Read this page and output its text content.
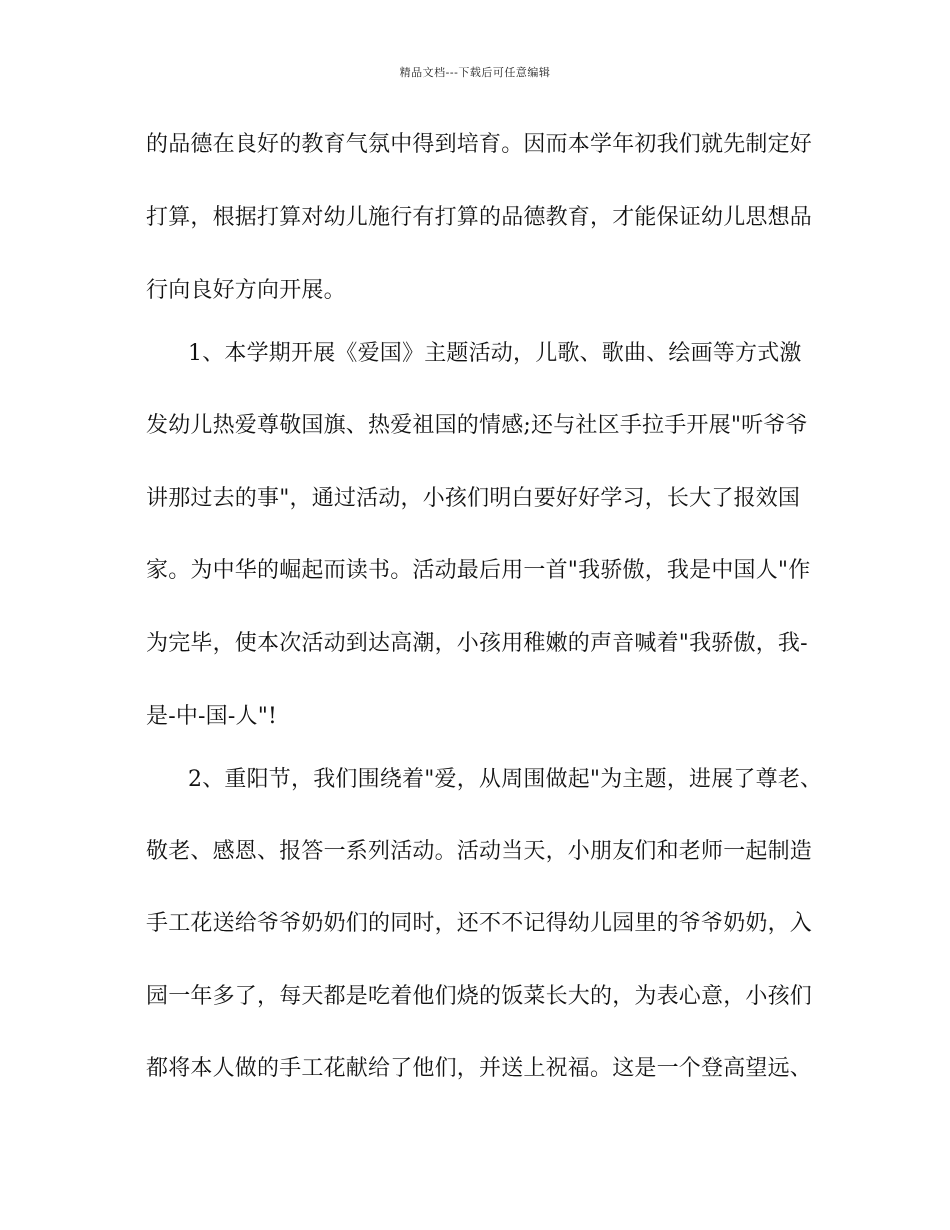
精品文档---下载后可任意编辑
的品德在良好的教育气氛中得到培育。因而本学年初我们就先制定好
打算，根据打算对幼儿施行有打算的品德教育，才能保证幼儿思想品
行向良好方向开展。
1、本学期开展《爱国》主题活动，儿歌、歌曲、绘画等方式激
发幼儿热爱尊敬国旗、热爱祖国的情感;还与社区手拉手开展"听爷爷
讲那过去的事"，通过活动，小孩们明白要好好学习，长大了报效国
家。为中华的崛起而读书。活动最后用一首"我骄傲，我是中国人"作
为完毕，使本次活动到达高潮，小孩用稚嫩的声音喊着"我骄傲，我-
是-中-国-人"!
2、重阳节，我们围绕着"爱，从周围做起"为主题，进展了尊老、
敬老、感恩、报答一系列活动。活动当天，小朋友们和老师一起制造
手工花送给爷爷奶奶们的同时，还不不记得幼儿园里的爷爷奶奶，入
园一年多了，每天都是吃着他们烧的饭菜长大的，为表心意，小孩们
都将本人做的手工花献给了他们，并送上祝福。这是一个登高望远、
